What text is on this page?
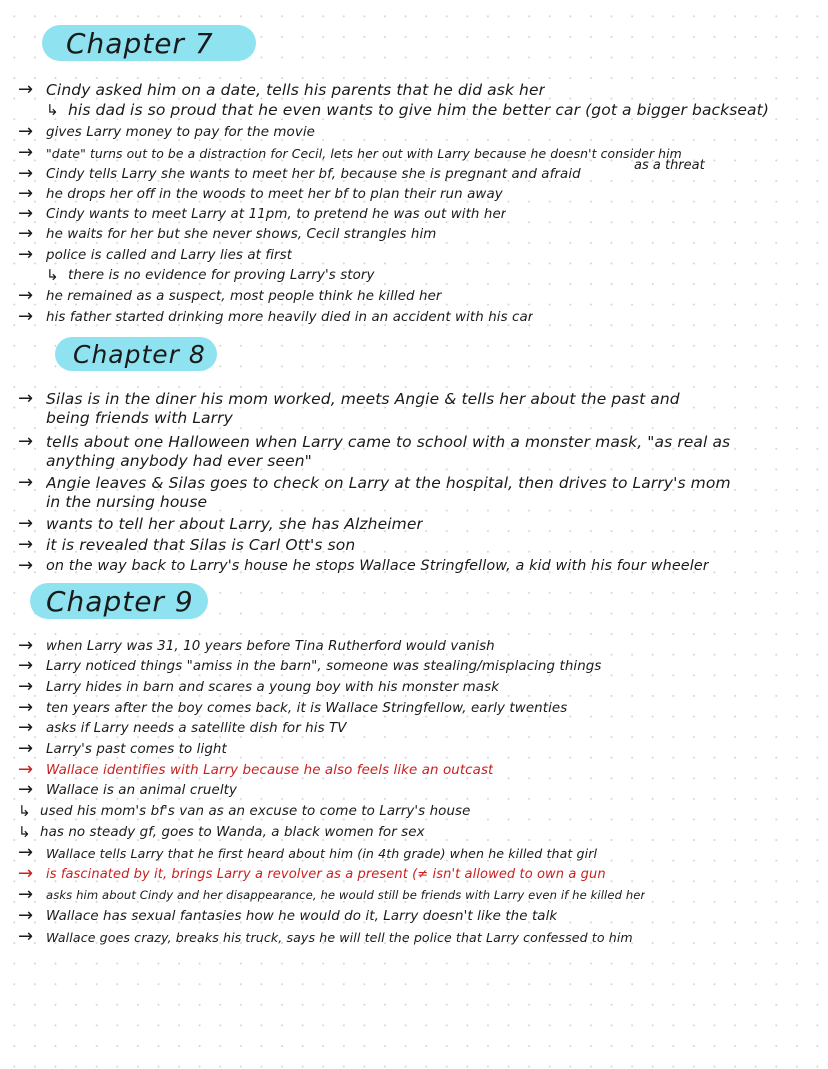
Chapter 7
→ Cindy asked him on a date, tells his parents that he did ask her
↳ his dad is so proud that he even wants to give him the better car (got a bigger backseat)
→ gives Larry money to pay for the movie
→	"date" turns out to be a distraction for Cecil, lets her out with Larry because he doesn't consider him
as a threat
→ Cindy tells Larry she wants to meet her bf, because she is pregnant and afraid
→ he drops her off in the woods to meet her bf to plan their run away
→ Cindy wants to meet Larry at 11pm, to pretend he was out with her
→ he waits for her but she never shows, Cecil strangles him
→ police is called and Larry lies at first
↳ there is no evidence for proving Larry's story
→ he remained as a suspect, most people think he killed her
→ his father started drinking more heavily died in an accident with his car
Chapter 8
→ Silas is in the diner his mom worked, meets Angie & tells her about the past and
being friends with Larry
→ tells about one Halloween when Larry came to school with a monster mask, "as real as
anything anybody had ever seen"
→ Angie leaves & Silas goes to check on Larry at the hospital, then drives to Larry's mom
in the nursing house
→ wants to tell her about Larry, she has Alzheimer
→ it is revealed that Silas is Carl Ott's son
→ on the way back to Larry's house he stops Wallace Stringfellow, a kid with his four wheeler
Chapter 9
→ when Larry was 31, 10 years before Tina Rutherford would vanish
→ Larry noticed things "amiss in the barn", someone was stealing/misplacing things
→ Larry hides in barn and scares a young boy with his monster mask
→ ten years after the boy comes back, it is Wallace Stringfellow, early twenties
→ asks if Larry needs a satellite dish for his TV
→ Larry's past comes to light
→ Wallace identifies with Larry because he also feels like an outcast
→ Wallace is an animal cruelty
↳ used his mom's bf's van as an excuse to come to Larry's house
↳ has no steady gf, goes to Wanda, a black women for sex
→	Wallace tells Larry that he first heard about him (in 4th grade) when he killed that girl
→ is fascinated by it, brings Larry a revolver as a present (≠ isn't allowed to own a gun
→	asks him about Cindy and her disappearance, he would still be friends with Larry even if he killed her
→ Wallace has sexual fantasies how he would do it, Larry doesn't like the talk
→	Wallace goes crazy, breaks his truck, says he will tell the police that Larry confessed to him
